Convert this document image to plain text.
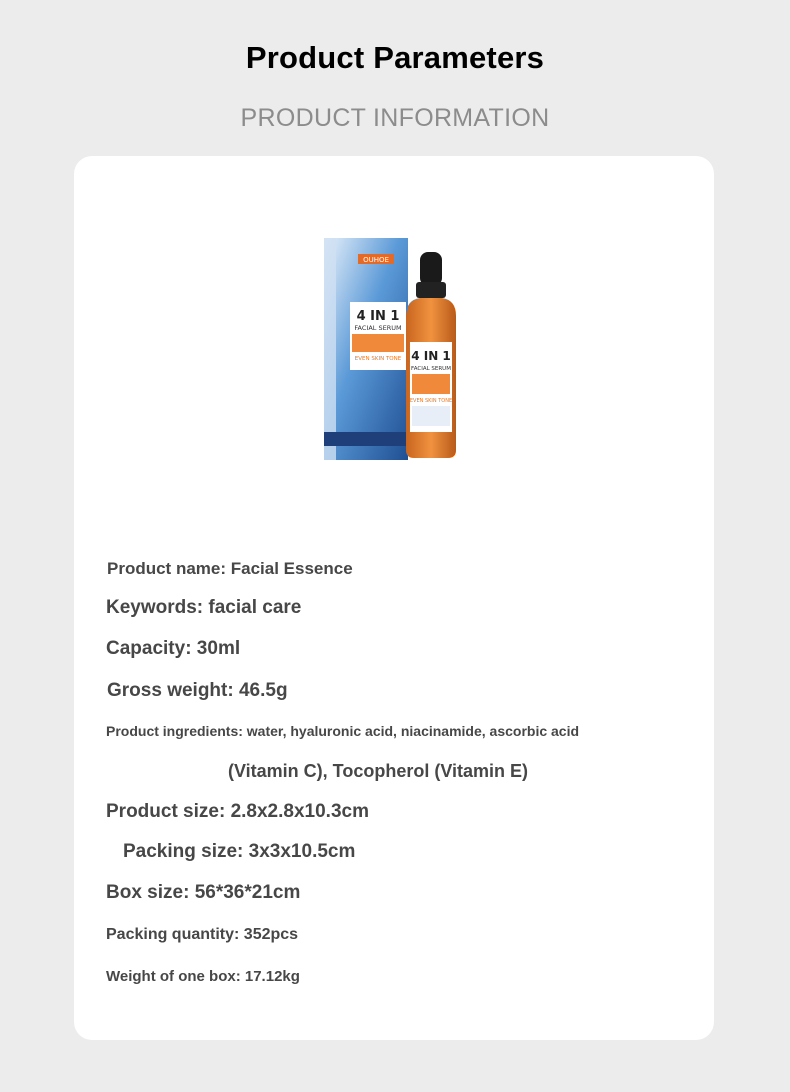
Product Parameters
PRODUCT INFORMATION
OUHOE
4 IN 1
FACIAL SERUM
EVEN SKIN TONE 4 IN 1
FACIAL SERUM
EVEN SKIN TONE
Product name: Facial Essence
Keywords: facial care
Capacity: 30ml
Gross weight: 46.5g
Product ingredients: water, hyaluronic acid, niacinamide, ascorbic acid
(Vitamin C), Tocopherol (Vitamin E)
Product size: 2.8x2.8x10.3cm
Packing size: 3x3x10.5cm
Box size: 56*36*21cm
Packing quantity: 352pcs
Weight of one box: 17.12kg
